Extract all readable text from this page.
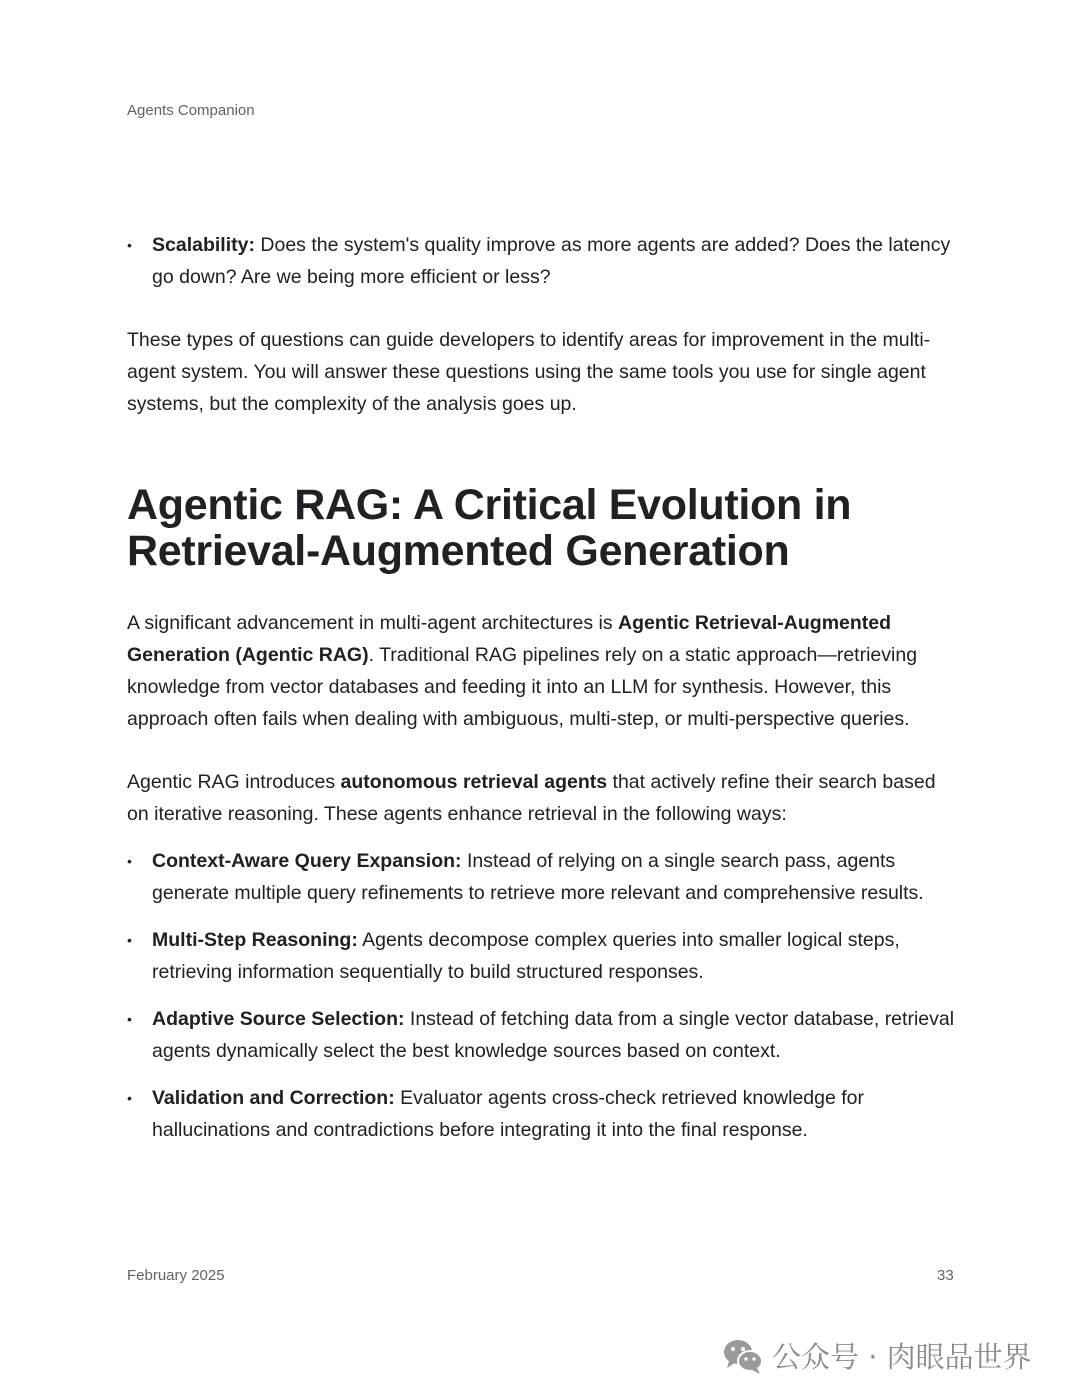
Agents Companion
• Scalability: Does the system's quality improve as more agents are added? Does the latency go down? Are we being more efficient or less?

These types of questions can guide developers to identify areas for improvement in the multi-agent system. You will answer these questions using the same tools you use for single agent systems, but the complexity of the analysis goes up.

Agentic RAG: A Critical Evolution in Retrieval-Augmented Generation

A significant advancement in multi-agent architectures is Agentic Retrieval-Augmented Generation (Agentic RAG). Traditional RAG pipelines rely on a static approach—retrieving knowledge from vector databases and feeding it into an LLM for synthesis. However, this approach often fails when dealing with ambiguous, multi-step, or multi-perspective queries.

Agentic RAG introduces autonomous retrieval agents that actively refine their search based on iterative reasoning. These agents enhance retrieval in the following ways:

• Context-Aware Query Expansion: Instead of relying on a single search pass, agents generate multiple query refinements to retrieve more relevant and comprehensive results.
• Multi-Step Reasoning: Agents decompose complex queries into smaller logical steps, retrieving information sequentially to build structured responses.
• Adaptive Source Selection: Instead of fetching data from a single vector database, retrieval agents dynamically select the best knowledge sources based on context.
• Validation and Correction: Evaluator agents cross-check retrieved knowledge for hallucinations and contradictions before integrating it into the final response.
February 2025	33
公众号 · 肉眼品世界
